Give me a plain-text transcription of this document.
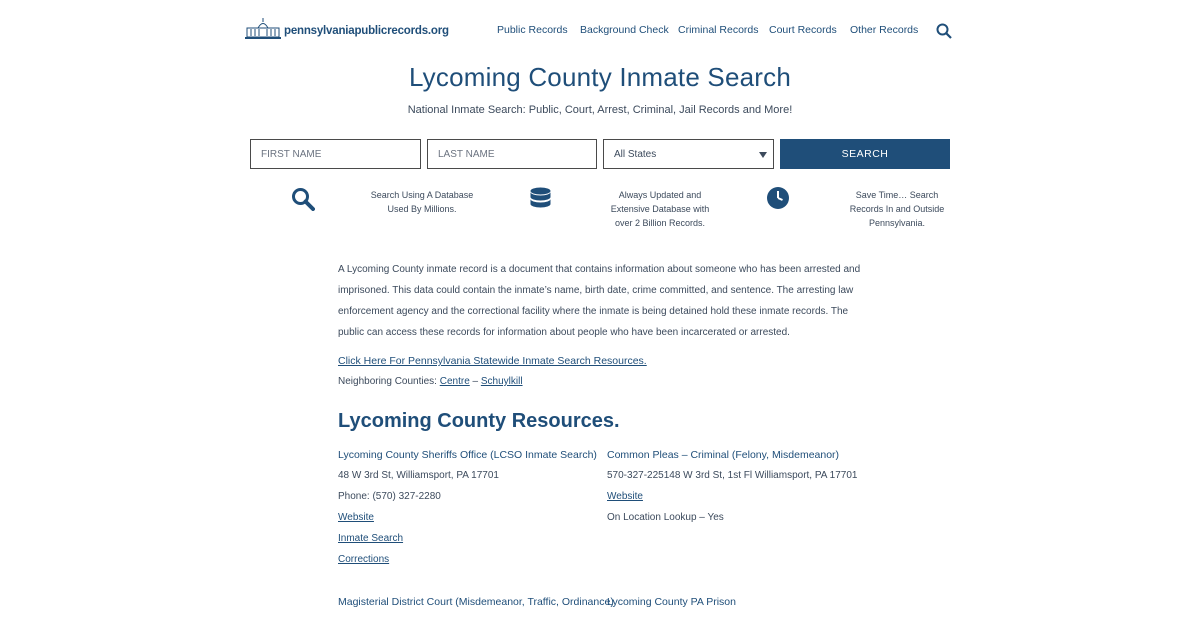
pennsylvaniapublicrecords.org	Public Records Background Check Criminal Records Court Records Other Records
Lycoming County Inmate Search
National Inmate Search: Public, Court, Arrest, Criminal, Jail Records and More!
FIRST NAME	LAST NAME	All States	SEARCH
Search Using A Database
Used By Millions.
Always Updated and
Extensive Database with
over 2 Billion Records.
Save Time… Search
Records In and Outside
Pennsylvania.

A Lycoming County inmate record is a document that contains information about someone who has been arrested and imprisoned. This data could contain the inmate’s name, birth date, crime committed, and sentence. The arresting law enforcement agency and the correctional facility where the inmate is being detained hold these inmate records. The public can access these records for information about people who have been incarcerated or arrested.

Click Here For Pennsylvania Statewide Inmate Search Resources.
Neighboring Counties: Centre – Schuylkill
Lycoming County Resources.
Lycoming County Sheriffs Office (LCSO Inmate Search)
48 W 3rd St, Williamsport, PA 17701
Phone: (570) 327-2280
Website
Inmate Search
Corrections
Magisterial District Court (Misdemeanor, Traffic, Ordinance)
Common Pleas – Criminal (Felony, Misdemeanor)
570-327-225148 W 3rd St, 1st Fl Williamsport, PA 17701
Website
On Location Lookup – Yes
Lycoming County PA Prison
